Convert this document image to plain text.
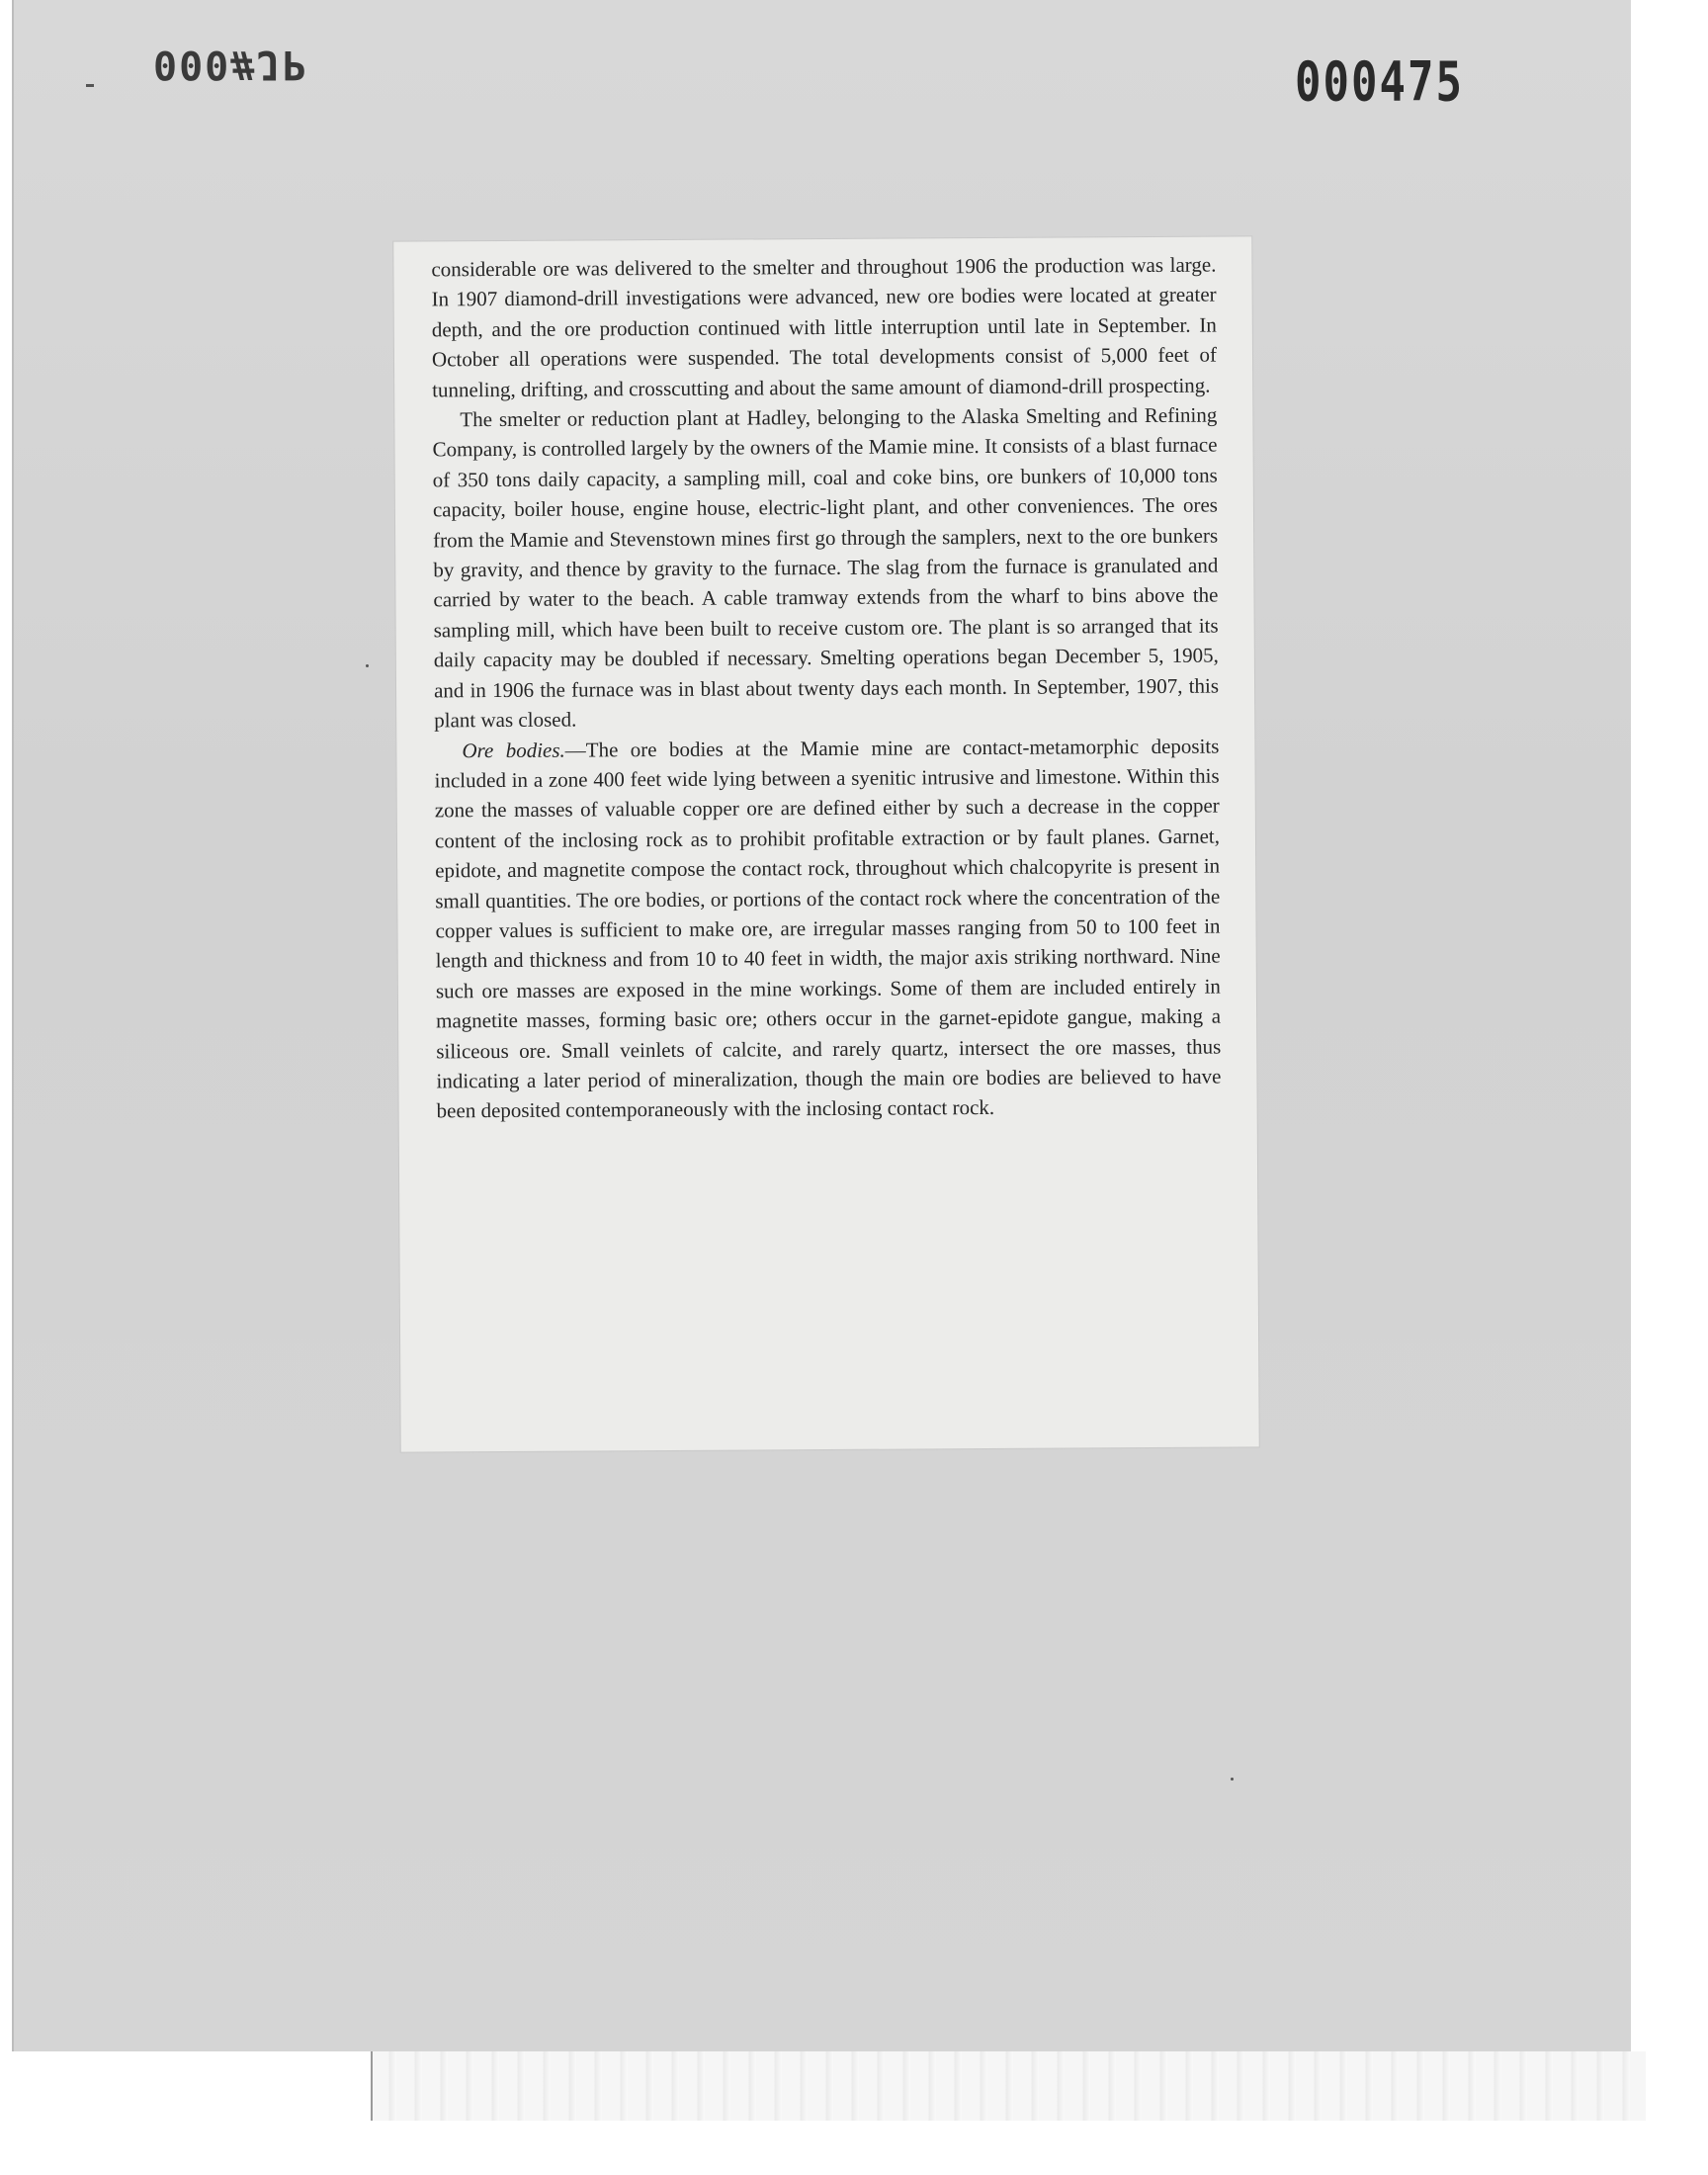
000#JP	000475

considerable ore was delivered to the smelter and throughout 1906 the production was large. In 1907 diamond-drill investigations were advanced, new ore bodies were located at greater depth, and the ore production continued with little interruption until late in September. In October all operations were suspended. The total developments consist of 5,000 feet of tunneling, drifting, and crosscutting and about the same amount of diamond-drill prospecting.

The smelter or reduction plant at Hadley, belonging to the Alaska Smelting and Refining Company, is controlled largely by the owners of the Mamie mine. It consists of a blast furnace of 350 tons daily capacity, a sampling mill, coal and coke bins, ore bunkers of 10,000 tons capacity, boiler house, engine house, electric-light plant, and other conveniences. The ores from the Mamie and Stevenstown mines first go through the samplers, next to the ore bunkers by gravity, and thence by gravity to the furnace. The slag from the furnace is granulated and carried by water to the beach. A cable tramway extends from the wharf to bins above the sampling mill, which have been built to receive custom ore. The plant is so arranged that its daily capacity may be doubled if necessary. Smelting operations began December 5, 1905, and in 1906 the furnace was in blast about twenty days each month. In September, 1907, this plant was closed.

Ore bodies.—The ore bodies at the Mamie mine are contact-metamorphic deposits included in a zone 400 feet wide lying between a syenitic intrusive and limestone. Within this zone the masses of valuable copper ore are defined either by such a decrease in the copper content of the inclosing rock as to prohibit profitable extraction or by fault planes. Garnet, epidote, and magnetite compose the contact rock, throughout which chalcopyrite is present in small quantities. The ore bodies, or portions of the contact rock where the concentration of the copper values is sufficient to make ore, are irregular masses ranging from 50 to 100 feet in length and thickness and from 10 to 40 feet in width, the major axis striking northward. Nine such ore masses are exposed in the mine workings. Some of them are included entirely in magnetite masses, forming basic ore; others occur in the garnet-epidote gangue, making a siliceous ore. Small veinlets of calcite, and rarely quartz, intersect the ore masses, thus indicating a later period of mineralization, though the main ore bodies are believed to have been deposited contemporaneously with the inclosing contact rock.
